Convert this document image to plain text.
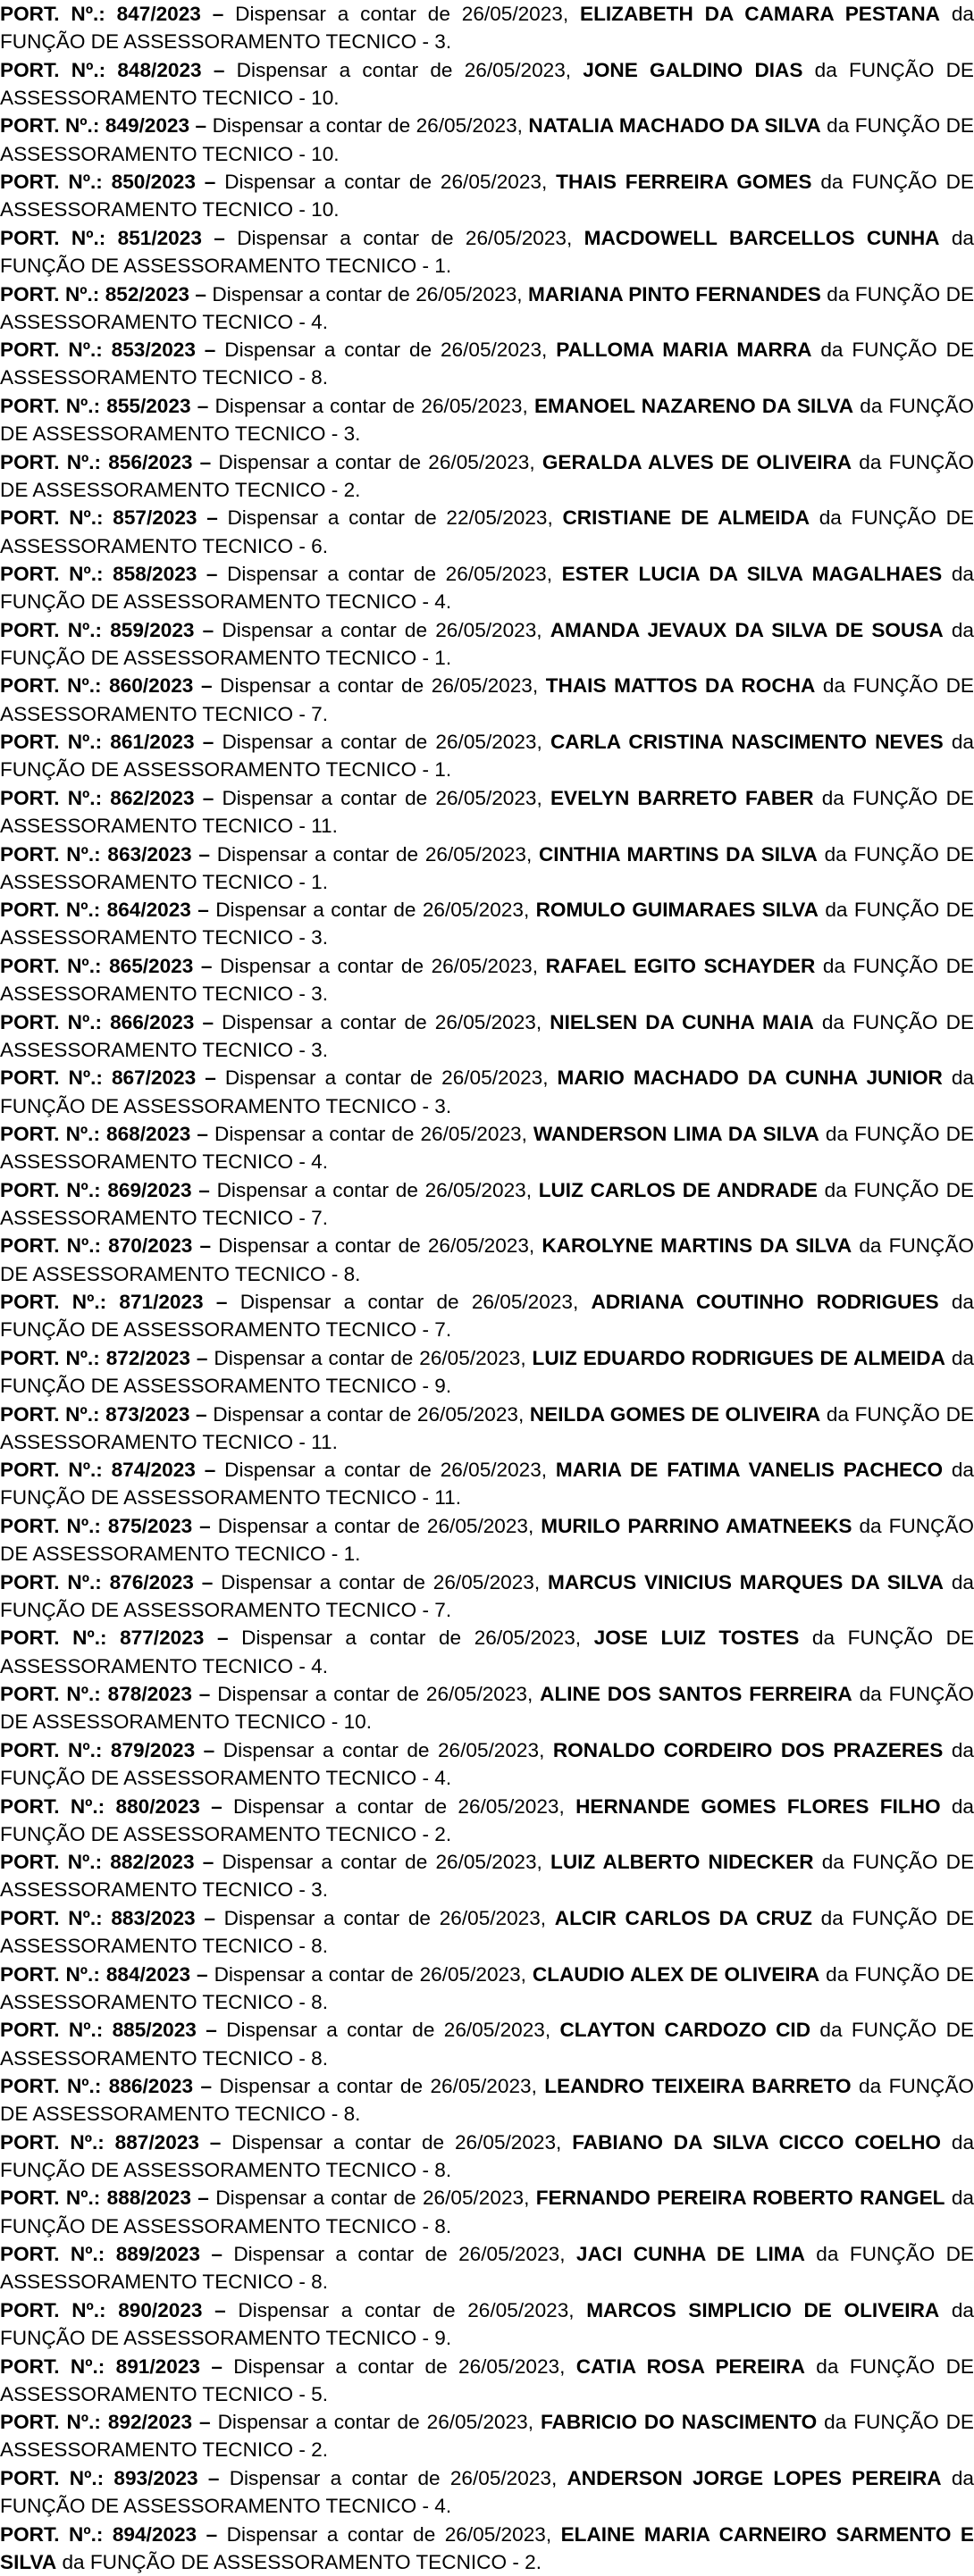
PORT. Nº.: 847/2023 – Dispensar a contar de 26/05/2023, ELIZABETH DA CAMARA PESTANA da FUNÇÃO DE ASSESSORAMENTO TECNICO - 3.
PORT. Nº.: 848/2023 – Dispensar a contar de 26/05/2023, JONE GALDINO DIAS da FUNÇÃO DE ASSESSORAMENTO TECNICO - 10.
PORT. Nº.: 849/2023 – Dispensar a contar de 26/05/2023, NATALIA MACHADO DA SILVA da FUNÇÃO DE ASSESSORAMENTO TECNICO - 10.
PORT. Nº.: 850/2023 – Dispensar a contar de 26/05/2023, THAIS FERREIRA GOMES da FUNÇÃO DE ASSESSORAMENTO TECNICO - 10.
PORT. Nº.: 851/2023 – Dispensar a contar de 26/05/2023, MACDOWELL BARCELLOS CUNHA da FUNÇÃO DE ASSESSORAMENTO TECNICO - 1.
PORT. Nº.: 852/2023 – Dispensar a contar de 26/05/2023, MARIANA PINTO FERNANDES da FUNÇÃO DE ASSESSORAMENTO TECNICO - 4.
PORT. Nº.: 853/2023 – Dispensar a contar de 26/05/2023, PALLOMA MARIA MARRA da FUNÇÃO DE ASSESSORAMENTO TECNICO - 8.
PORT. Nº.: 855/2023 – Dispensar a contar de 26/05/2023, EMANOEL NAZARENO DA SILVA da FUNÇÃO DE ASSESSORAMENTO TECNICO - 3.
PORT. Nº.: 856/2023 – Dispensar a contar de 26/05/2023, GERALDA ALVES DE OLIVEIRA da FUNÇÃO DE ASSESSORAMENTO TECNICO - 2.
PORT. Nº.: 857/2023 – Dispensar a contar de 22/05/2023, CRISTIANE DE ALMEIDA da FUNÇÃO DE ASSESSORAMENTO TECNICO - 6.
PORT. Nº.: 858/2023 – Dispensar a contar de 26/05/2023, ESTER LUCIA DA SILVA MAGALHAES da FUNÇÃO DE ASSESSORAMENTO TECNICO - 4.
PORT. Nº.: 859/2023 – Dispensar a contar de 26/05/2023, AMANDA JEVAUX DA SILVA DE SOUSA da FUNÇÃO DE ASSESSORAMENTO TECNICO - 1.
PORT. Nº.: 860/2023 – Dispensar a contar de 26/05/2023, THAIS MATTOS DA ROCHA da FUNÇÃO DE ASSESSORAMENTO TECNICO - 7.
PORT. Nº.: 861/2023 – Dispensar a contar de 26/05/2023, CARLA CRISTINA NASCIMENTO NEVES da FUNÇÃO DE ASSESSORAMENTO TECNICO - 1.
PORT. Nº.: 862/2023 – Dispensar a contar de 26/05/2023, EVELYN BARRETO FABER da FUNÇÃO DE ASSESSORAMENTO TECNICO - 11.
PORT. Nº.: 863/2023 – Dispensar a contar de 26/05/2023, CINTHIA MARTINS DA SILVA da FUNÇÃO DE ASSESSORAMENTO TECNICO - 1.
PORT. Nº.: 864/2023 – Dispensar a contar de 26/05/2023, ROMULO GUIMARAES SILVA da FUNÇÃO DE ASSESSORAMENTO TECNICO - 3.
PORT. Nº.: 865/2023 – Dispensar a contar de 26/05/2023, RAFAEL EGITO SCHAYDER da FUNÇÃO DE ASSESSORAMENTO TECNICO - 3.
PORT. Nº.: 866/2023 – Dispensar a contar de 26/05/2023, NIELSEN DA CUNHA MAIA da FUNÇÃO DE ASSESSORAMENTO TECNICO - 3.
PORT. Nº.: 867/2023 – Dispensar a contar de 26/05/2023, MARIO MACHADO DA CUNHA JUNIOR da FUNÇÃO DE ASSESSORAMENTO TECNICO - 3.
PORT. Nº.: 868/2023 – Dispensar a contar de 26/05/2023, WANDERSON LIMA DA SILVA da FUNÇÃO DE ASSESSORAMENTO TECNICO - 4.
PORT. Nº.: 869/2023 – Dispensar a contar de 26/05/2023, LUIZ CARLOS DE ANDRADE da FUNÇÃO DE ASSESSORAMENTO TECNICO - 7.
PORT. Nº.: 870/2023 – Dispensar a contar de 26/05/2023, KAROLYNE MARTINS DA SILVA da FUNÇÃO DE ASSESSORAMENTO TECNICO - 8.
PORT. Nº.: 871/2023 – Dispensar a contar de 26/05/2023, ADRIANA COUTINHO RODRIGUES da FUNÇÃO DE ASSESSORAMENTO TECNICO - 7.
PORT. Nº.: 872/2023 – Dispensar a contar de 26/05/2023, LUIZ EDUARDO RODRIGUES DE ALMEIDA da FUNÇÃO DE ASSESSORAMENTO TECNICO - 9.
PORT. Nº.: 873/2023 – Dispensar a contar de 26/05/2023, NEILDA GOMES DE OLIVEIRA da FUNÇÃO DE ASSESSORAMENTO TECNICO - 11.
PORT. Nº.: 874/2023 – Dispensar a contar de 26/05/2023, MARIA DE FATIMA VANELIS PACHECO da FUNÇÃO DE ASSESSORAMENTO TECNICO - 11.
PORT. Nº.: 875/2023 – Dispensar a contar de 26/05/2023, MURILO PARRINO AMATNEEKS da FUNÇÃO DE ASSESSORAMENTO TECNICO - 1.
PORT. Nº.: 876/2023 – Dispensar a contar de 26/05/2023, MARCUS VINICIUS MARQUES DA SILVA da FUNÇÃO DE ASSESSORAMENTO TECNICO - 7.
PORT. Nº.: 877/2023 – Dispensar a contar de 26/05/2023, JOSE LUIZ TOSTES da FUNÇÃO DE ASSESSORAMENTO TECNICO - 4.
PORT. Nº.: 878/2023 – Dispensar a contar de 26/05/2023, ALINE DOS SANTOS FERREIRA da FUNÇÃO DE ASSESSORAMENTO TECNICO - 10.
PORT. Nº.: 879/2023 – Dispensar a contar de 26/05/2023, RONALDO CORDEIRO DOS PRAZERES da FUNÇÃO DE ASSESSORAMENTO TECNICO - 4.
PORT. Nº.: 880/2023 – Dispensar a contar de 26/05/2023, HERNANDE GOMES FLORES FILHO da FUNÇÃO DE ASSESSORAMENTO TECNICO - 2.
PORT. Nº.: 882/2023 – Dispensar a contar de 26/05/2023, LUIZ ALBERTO NIDECKER da FUNÇÃO DE ASSESSORAMENTO TECNICO - 3.
PORT. Nº.: 883/2023 – Dispensar a contar de 26/05/2023, ALCIR CARLOS DA CRUZ da FUNÇÃO DE ASSESSORAMENTO TECNICO - 8.
PORT. Nº.: 884/2023 – Dispensar a contar de 26/05/2023, CLAUDIO ALEX DE OLIVEIRA da FUNÇÃO DE ASSESSORAMENTO TECNICO - 8.
PORT. Nº.: 885/2023 – Dispensar a contar de 26/05/2023, CLAYTON CARDOZO CID da FUNÇÃO DE ASSESSORAMENTO TECNICO - 8.
PORT. Nº.: 886/2023 – Dispensar a contar de 26/05/2023, LEANDRO TEIXEIRA BARRETO da FUNÇÃO DE ASSESSORAMENTO TECNICO - 8.
PORT. Nº.: 887/2023 – Dispensar a contar de 26/05/2023, FABIANO DA SILVA CICCO COELHO da FUNÇÃO DE ASSESSORAMENTO TECNICO - 8.
PORT. Nº.: 888/2023 – Dispensar a contar de 26/05/2023, FERNANDO PEREIRA ROBERTO RANGEL da FUNÇÃO DE ASSESSORAMENTO TECNICO - 8.
PORT. Nº.: 889/2023 – Dispensar a contar de 26/05/2023, JACI CUNHA DE LIMA da FUNÇÃO DE ASSESSORAMENTO TECNICO - 8.
PORT. Nº.: 890/2023 – Dispensar a contar de 26/05/2023, MARCOS SIMPLICIO DE OLIVEIRA da FUNÇÃO DE ASSESSORAMENTO TECNICO - 9.
PORT. Nº.: 891/2023 – Dispensar a contar de 26/05/2023, CATIA ROSA PEREIRA da FUNÇÃO DE ASSESSORAMENTO TECNICO - 5.
PORT. Nº.: 892/2023 – Dispensar a contar de 26/05/2023, FABRICIO DO NASCIMENTO da FUNÇÃO DE ASSESSORAMENTO TECNICO - 2.
PORT. Nº.: 893/2023 – Dispensar a contar de 26/05/2023, ANDERSON JORGE LOPES PEREIRA da FUNÇÃO DE ASSESSORAMENTO TECNICO - 4.
PORT. Nº.: 894/2023 – Dispensar a contar de 26/05/2023, ELAINE MARIA CARNEIRO SARMENTO E SILVA da FUNÇÃO DE ASSESSORAMENTO TECNICO - 2.
